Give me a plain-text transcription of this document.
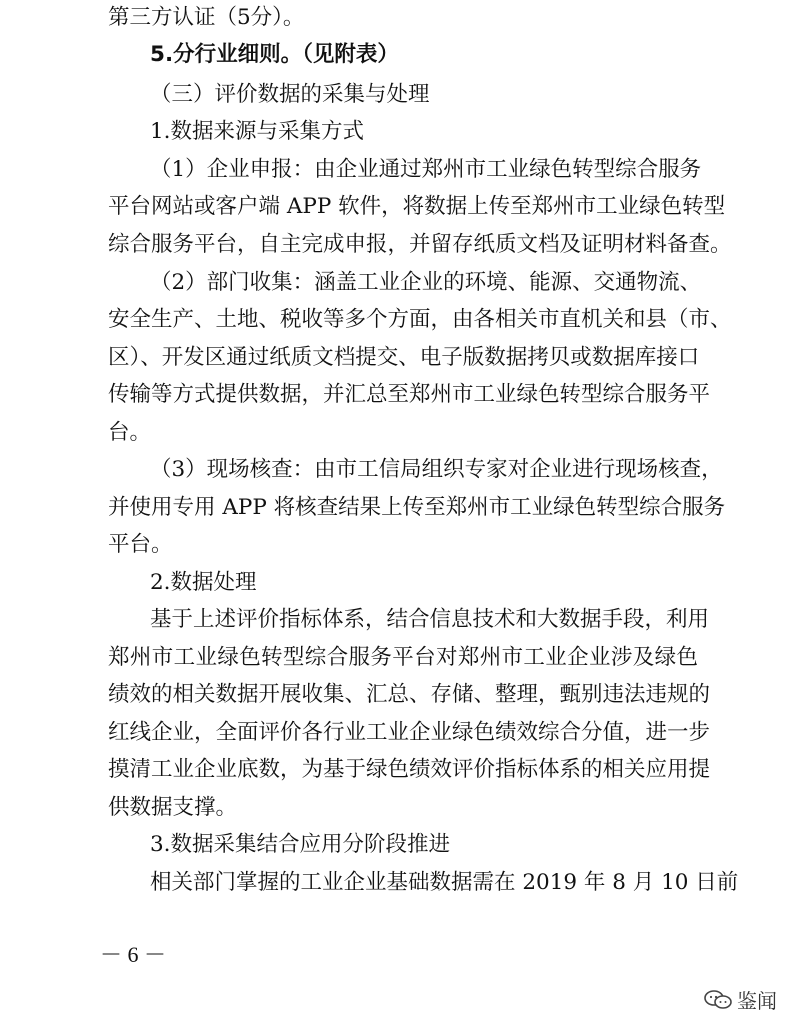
第三方认证（5分）。
5.分行业细则。（见附表）
（三）评价数据的采集与处理
1.数据来源与采集方式
（1）企业申报：由企业通过郑州市工业绿色转型综合服务
平台网站或客户端 APP 软件，将数据上传至郑州市工业绿色转型
综合服务平台，自主完成申报，并留存纸质文档及证明材料备查。
（2）部门收集：涵盖工业企业的环境、能源、交通物流、
安全生产、土地、税收等多个方面，由各相关市直机关和县（市、
区）、开发区通过纸质文档提交、电子版数据拷贝或数据库接口
传输等方式提供数据，并汇总至郑州市工业绿色转型综合服务平
台。
（3）现场核查：由市工信局组织专家对企业进行现场核查，
并使用专用 APP 将核查结果上传至郑州市工业绿色转型综合服务
平台。
2.数据处理
基于上述评价指标体系，结合信息技术和大数据手段，利用
郑州市工业绿色转型综合服务平台对郑州市工业企业涉及绿色
绩效的相关数据开展收集、汇总、存储、整理，甄别违法违规的
红线企业，全面评价各行业工业企业绿色绩效综合分值，进一步
摸清工业企业底数，为基于绿色绩效评价指标体系的相关应用提
供数据支撑。
3.数据采集结合应用分阶段推进
相关部门掌握的工业企业基础数据需在 2019 年 8 月 10 日前
－ 6 －
鉴闻
